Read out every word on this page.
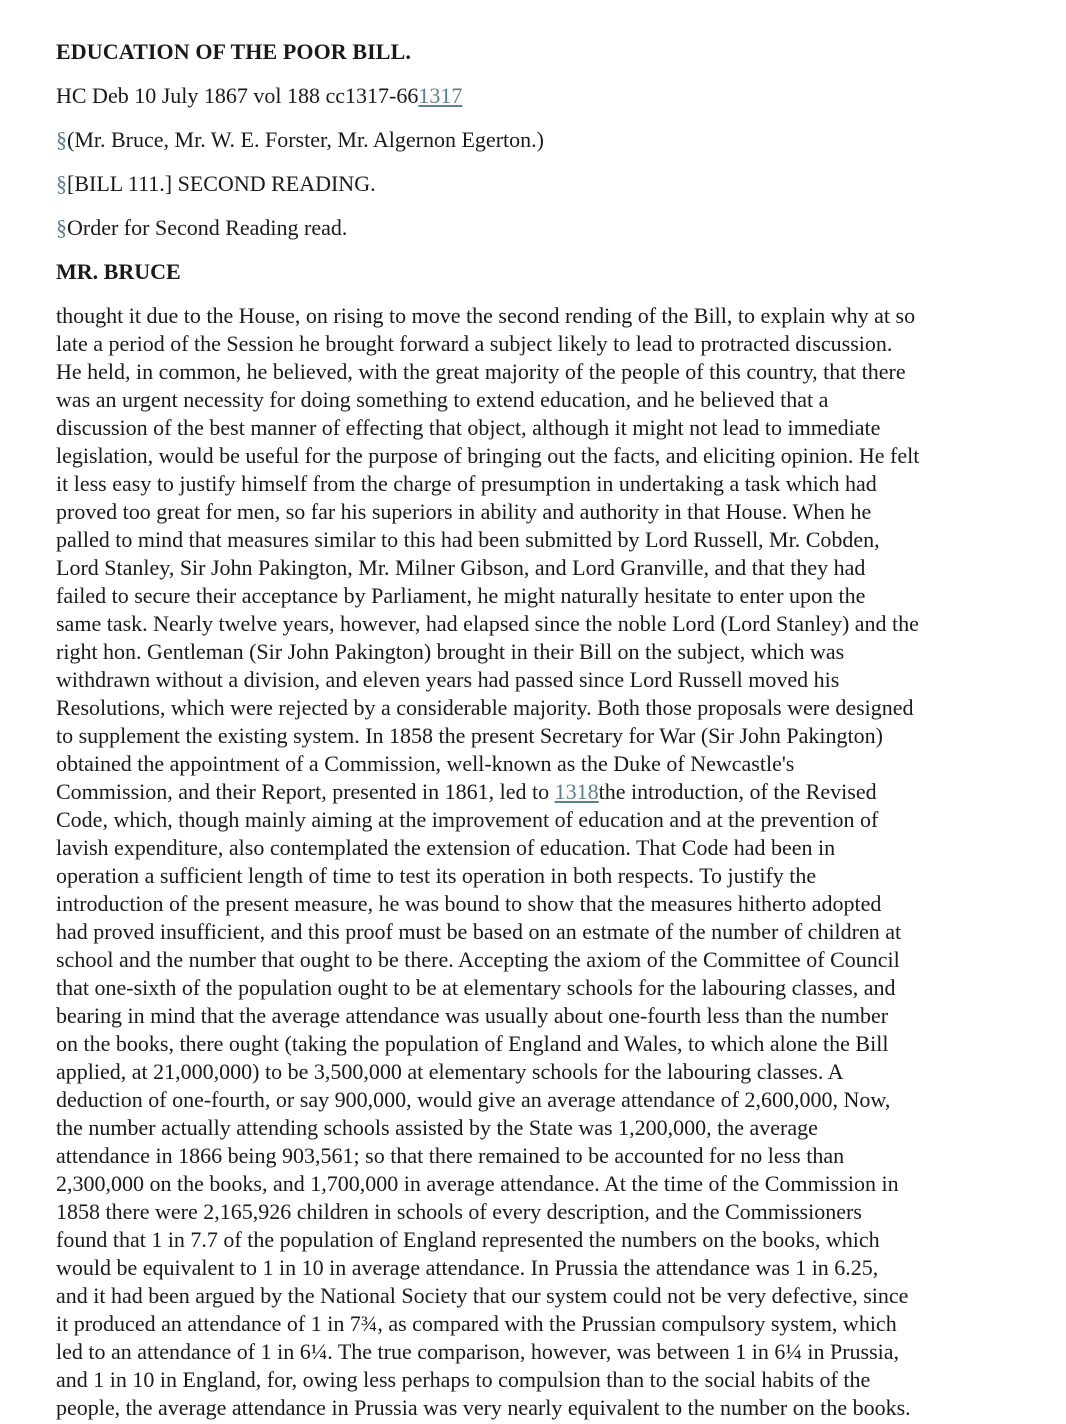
EDUCATION OF THE POOR BILL.

HC Deb 10 July 1867 vol 188 cc1317-661317

§(Mr. Bruce, Mr. W. E. Forster, Mr. Algernon Egerton.)

§[BILL 111.] SECOND READING.

§Order for Second Reading read.

MR. BRUCE
thought it due to the House, on rising to move the second rending of the Bill, to explain why at so
late a period of the Session he brought forward a subject likely to lead to protracted discussion.
He held, in common, he believed, with the great majority of the people of this country, that there
was an urgent necessity for doing something to extend education, and he believed that a
discussion of the best manner of effecting that object, although it might not lead to immediate
legislation, would be useful for the purpose of bringing out the facts, and eliciting opinion. He felt
it less easy to justify himself from the charge of presumption in undertaking a task which had
proved too great for men, so far his superiors in ability and authority in that House. When he
palled to mind that measures similar to this had been submitted by Lord Russell, Mr. Cobden,
Lord Stanley, Sir John Pakington, Mr. Milner Gibson, and Lord Granville, and that they had
failed to secure their acceptance by Parliament, he might naturally hesitate to enter upon the
same task. Nearly twelve years, however, had elapsed since the noble Lord (Lord Stanley) and the
right hon. Gentleman (Sir John Pakington) brought in their Bill on the subject, which was
withdrawn without a division, and eleven years had passed since Lord Russell moved his
Resolutions, which were rejected by a considerable majority. Both those proposals were designed
to supplement the existing system. In 1858 the present Secretary for War (Sir John Pakington)
obtained the appointment of a Commission, well-known as the Duke of Newcastle's
Commission, and their Report, presented in 1861, led to 1318the introduction, of the Revised
Code, which, though mainly aiming at the improvement of education and at the prevention of
lavish expenditure, also contemplated the extension of education. That Code had been in
operation a sufficient length of time to test its operation in both respects. To justify the
introduction of the present measure, he was bound to show that the measures hitherto adopted
had proved insufficient, and this proof must be based on an estmate of the number of children at
school and the number that ought to be there. Accepting the axiom of the Committee of Council
that one-sixth of the population ought to be at elementary schools for the labouring classes, and
bearing in mind that the average attendance was usually about one-fourth less than the number
on the books, there ought (taking the population of England and Wales, to which alone the Bill
applied, at 21,000,000) to be 3,500,000 at elementary schools for the labouring classes. A
deduction of one-fourth, or say 900,000, would give an average attendance of 2,600,000, Now,
the number actually attending schools assisted by the State was 1,200,000, the average
attendance in 1866 being 903,561; so that there remained to be accounted for no less than
2,300,000 on the books, and 1,700,000 in average attendance. At the time of the Commission in
1858 there were 2,165,926 children in schools of every description, and the Commissioners
found that 1 in 7.7 of the population of England represented the numbers on the books, which
would be equivalent to 1 in 10 in average attendance. In Prussia the attendance was 1 in 6.25,
and it had been argued by the National Society that our system could not be very defective, since
it produced an attendance of 1 in 7¾, as compared with the Prussian compulsory system, which
led to an attendance of 1 in 6¼. The true comparison, however, was between 1 in 6¼ in Prussia,
and 1 in 10 in England, for, owing less perhaps to compulsion than to the social habits of the
people, the average attendance in Prussia was very nearly equivalent to the number on the books.
